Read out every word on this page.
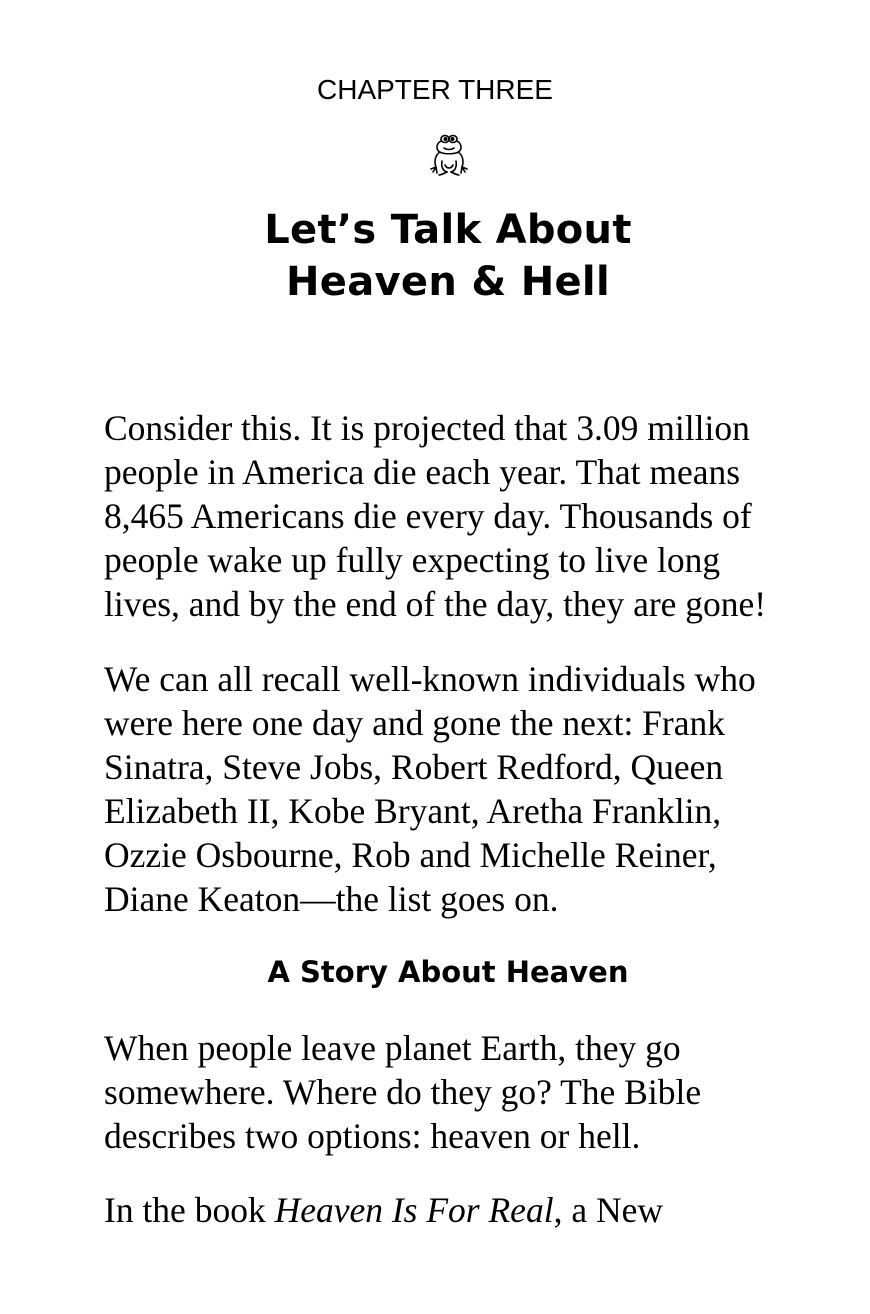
CHAPTER THREE
Let’s Talk About
Heaven & Hell
Consider this. It is projected that 3.09 million
people in America die each year. That means
8,465 Americans die every day. Thousands of
people wake up fully expecting to live long
lives, and by the end of the day, they are gone!
We can all recall well-known individuals who
were here one day and gone the next: Frank
Sinatra, Steve Jobs, Robert Redford, Queen
Elizabeth II, Kobe Bryant, Aretha Franklin,
Ozzie Osbourne, Rob and Michelle Reiner,
Diane Keaton—the list goes on.
A Story About Heaven
When people leave planet Earth, they go
somewhere. Where do they go? The Bible
describes two options: heaven or hell.
In the book Heaven Is For Real, a New
